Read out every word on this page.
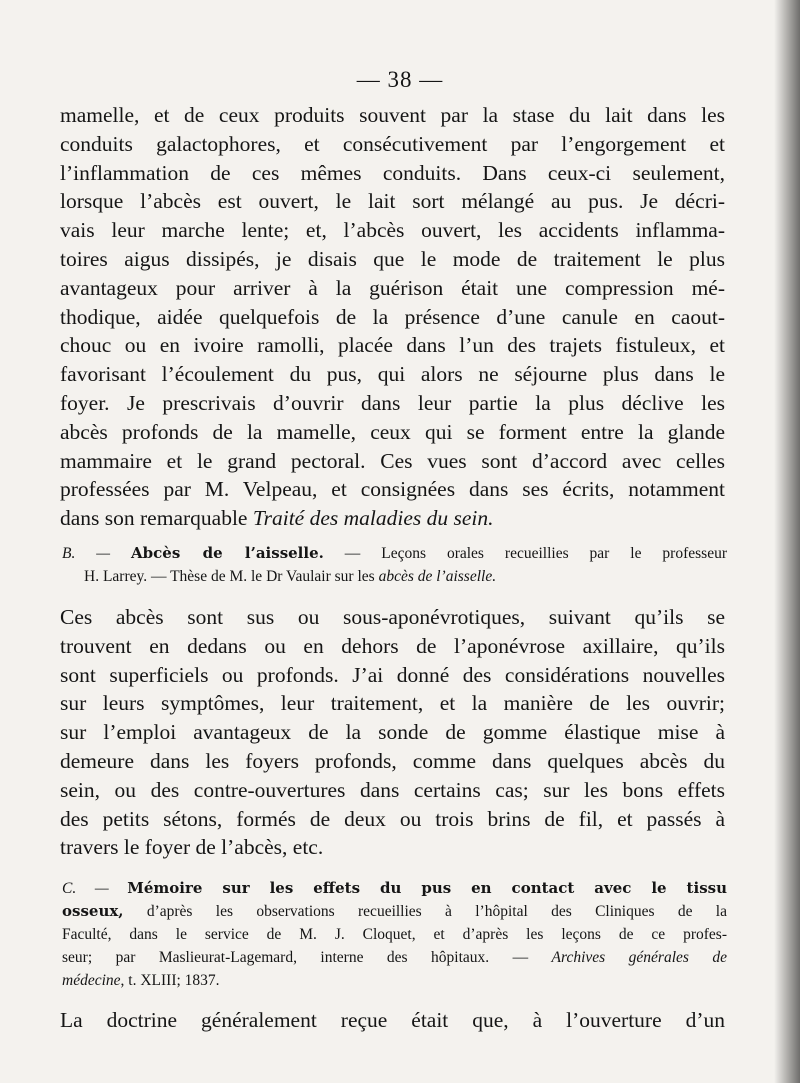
— 38 —

mamelle, et de ceux produits souvent par la stase du lait dans les
conduits galactophores, et consécutivement par l’engorgement et
l’inflammation de ces mêmes conduits. Dans ceux-ci seulement,
lorsque l’abcès est ouvert, le lait sort mélangé au pus. Je décri-
vais leur marche lente; et, l’abcès ouvert, les accidents inflamma-
toires aigus dissipés, je disais que le mode de traitement le plus
avantageux pour arriver à la guérison était une compression mé-
thodique, aidée quelquefois de la présence d’une canule en caout-
chouc ou en ivoire ramolli, placée dans l’un des trajets fistuleux, et
favorisant l’écoulement du pus, qui alors ne séjourne plus dans le
foyer. Je prescrivais d’ouvrir dans leur partie la plus déclive les
abcès profonds de la mamelle, ceux qui se forment entre la glande
mammaire et le grand pectoral. Ces vues sont d’accord avec celles
professées par M. Velpeau, et consignées dans ses écrits, notamment
dans son remarquable Traité des maladies du sein.

B. — Abcès de l’aisselle. — Leçons orales recueillies par le professeur
H. Larrey. — Thèse de M. le Dr Vaulair sur les abcès de l’aisselle.

Ces abcès sont sus ou sous-aponévrotiques, suivant qu’ils se
trouvent en dedans ou en dehors de l’aponévrose axillaire, qu’ils
sont superficiels ou profonds. J’ai donné des considérations nouvelles
sur leurs symptômes, leur traitement, et la manière de les ouvrir;
sur l’emploi avantageux de la sonde de gomme élastique mise à
demeure dans les foyers profonds, comme dans quelques abcès du
sein, ou des contre-ouvertures dans certains cas; sur les bons effets
des petits sétons, formés de deux ou trois brins de fil, et passés à
travers le foyer de l’abcès, etc.

C. — Mémoire sur les effets du pus en contact avec le tissu
osseux, d’après les observations recueillies à l’hôpital des Cliniques de la
Faculté, dans le service de M. J. Cloquet, et d’après les leçons de ce profes-
seur; par Maslieurat-Lagemard, interne des hôpitaux. — Archives générales de
médecine, t. XLIII; 1837.

La doctrine généralement reçue était que, à l’ouverture d’un
